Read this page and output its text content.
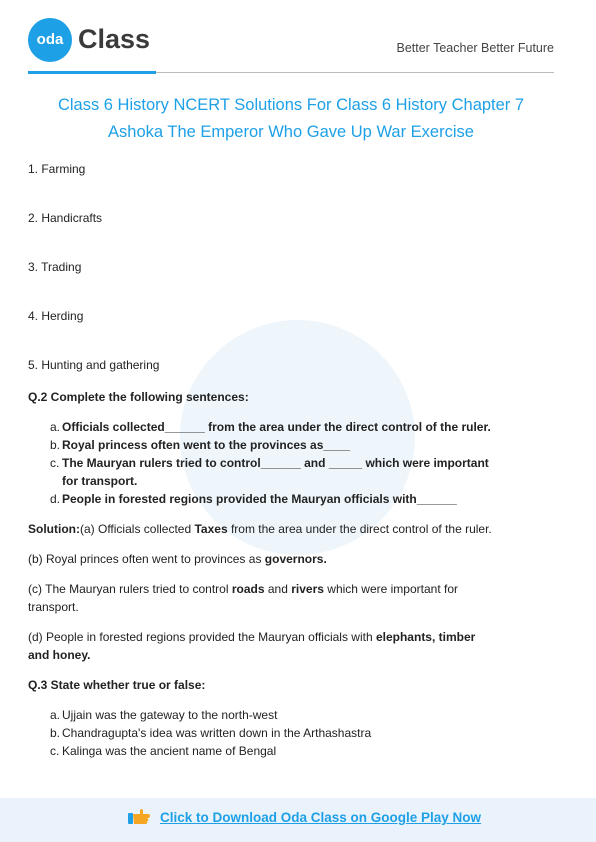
oda Class	Better Teacher Better Future
Class 6 History NCERT Solutions For Class 6 History Chapter 7
Ashoka The Emperor Who Gave Up War Exercise
1. Farming
2. Handicrafts
3. Trading
4. Herding
5. Hunting and gathering
Q.2 Complete the following sentences:
a. Officials collected______ from the area under the direct control of the ruler.
b. Royal princess often went to the provinces as____
c. The Mauryan rulers tried to control______ and _____ which were important for transport.
d. People in forested regions provided the Mauryan officials with______

Solution:(a) Officials collected Taxes from the area under the direct control of the ruler.

(b) Royal princes often went to provinces as governors.

(c) The Mauryan rulers tried to control roads and rivers which were important for transport.

(d) People in forested regions provided the Mauryan officials with elephants, timber and honey.

Q.3 State whether true or false:
a. Ujjain was the gateway to the north-west
b. Chandragupta's idea was written down in the Arthashastra
c. Kalinga was the ancient name of Bengal
Click to Download Oda Class on Google Play Now
